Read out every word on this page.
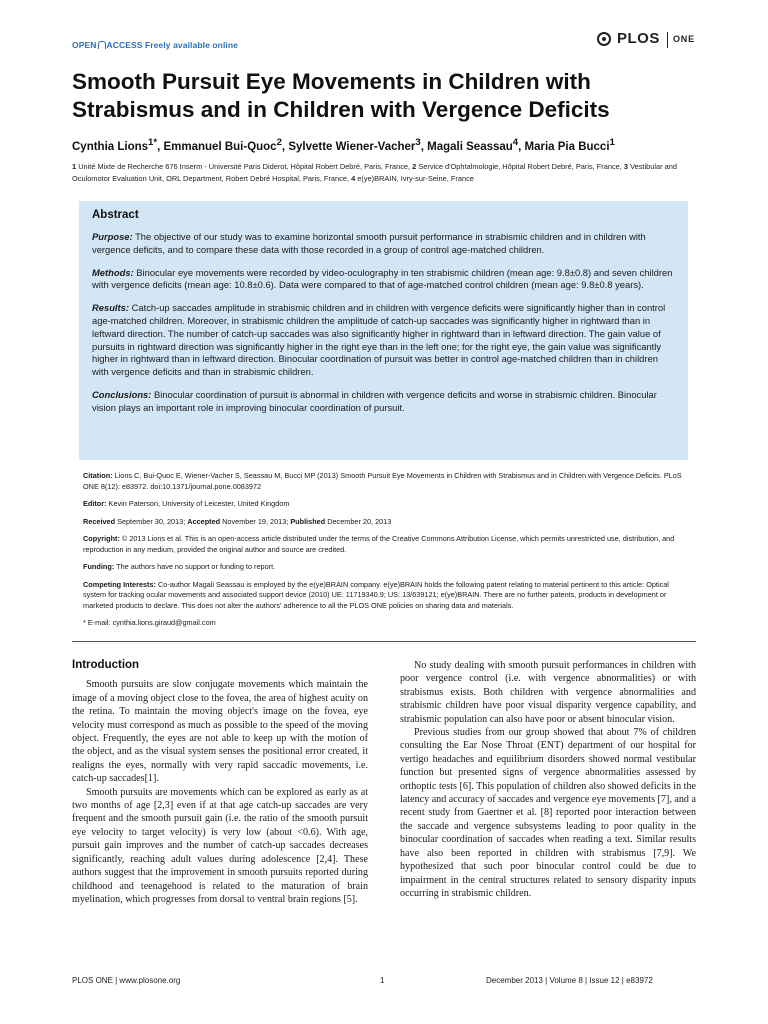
OPEN ACCESS Freely available online	PLOS ONE
Smooth Pursuit Eye Movements in Children with Strabismus and in Children with Vergence Deficits
Cynthia Lions$^{1*}$, Emmanuel Bui-Quoc$^2$, Sylvette Wiener-Vacher$^3$, Magali Seassau$^4$, Maria Pia Bucci$^1$
1 Unité Mixte de Recherche 676 Inserm - Université Paris Diderot, Hôpital Robert Debré, Paris, France, 2 Service d'Ophtalmologie, Hôpital Robert Debré, Paris, France, 3 Vestibular and Oculomotor Evaluation Unit, ORL Department, Robert Debré Hospital, Paris, France, 4 e(ye)BRAIN, Ivry-sur-Seine, France
Abstract

Purpose: The objective of our study was to examine horizontal smooth pursuit performance in strabismic children and in children with vergence deficits, and to compare these data with those recorded in a group of control age-matched children.

Methods: Binocular eye movements were recorded by video-oculography in ten strabismic children (mean age: 9.8±0.8) and seven children with vergence deficits (mean age: 10.8±0.6). Data were compared to that of age-matched control children (mean age: 9.8±0.8 years).

Results: Catch-up saccades amplitude in strabismic children and in children with vergence deficits were significantly higher than in control age-matched children. Moreover, in strabismic children the amplitude of catch-up saccades was significantly higher in rightward than in leftward direction. The number of catch-up saccades was also significantly higher in rightward than in leftward direction. The gain value of pursuits in rightward direction was significantly higher in the right eye than in the left one; for the right eye, the gain value was significantly higher in rightward than in leftward direction. Binocular coordination of pursuit was better in control age-matched children than in children with vergence deficits and than in strabismic children.

Conclusions: Binocular coordination of pursuit is abnormal in children with vergence deficits and worse in strabismic children. Binocular vision plays an important role in improving binocular coordination of pursuit.

Citation: Lions C, Bui-Quoc E, Wiener-Vacher S, Seassau M, Bucci MP (2013) Smooth Pursuit Eye Movements in Children with Strabismus and in Children with Vergence Deficits. PLoS ONE 8(12): e83972. doi:10.1371/journal.pone.0083972

Editor: Kevin Paterson, University of Leicester, United Kingdom

Received September 30, 2013; Accepted November 19, 2013; Published December 20, 2013

Copyright: © 2013 Lions et al. This is an open-access article distributed under the terms of the Creative Commons Attribution License, which permits unrestricted use, distribution, and reproduction in any medium, provided the original author and source are credited.

Funding: The authors have no support or funding to report.

Competing Interests: Co-author Magali Seassau is employed by the e(ye)BRAIN company. e(ye)BRAIN holds the following patent relating to material pertinent to this article: Optical system for tracking ocular movements and associated support device (2010) UE: 11719340.9; US: 13/639121; e(ye)BRAIN. There are no further patents, products in development or marketed products to declare. This does not alter the authors' adherence to all the PLOS ONE policies on sharing data and materials.

* E-mail: cynthia.lions.giraud@gmail.com

Introduction

Smooth pursuits are slow conjugate movements which maintain the image of a moving object close to the fovea, the area of highest acuity on the retina. To maintain the moving object's image on the fovea, eye velocity must correspond as much as possible to the speed of the moving object. Frequently, the eyes are not able to keep up with the motion of the object, and as the visual system senses the positional error created, it realigns the eyes, normally with very rapid saccadic movements, i.e. catch-up saccades[1].

Smooth pursuits are movements which can be explored as early as at two months of age [2,3] even if at that age catch-up saccades are very frequent and the smooth pursuit gain (i.e. the ratio of the smooth pursuit eye velocity to target velocity) is very low (about <0.6). With age, pursuit gain improves and the number of catch-up saccades decreases significantly, reaching adult values during adolescence [2,4]. These authors suggest that the improvement in smooth pursuits reported during childhood and teenagehood is related to the maturation of brain myelination, which progresses from dorsal to ventral brain regions [5].

No study dealing with smooth pursuit performances in children with poor vergence control (i.e. with vergence abnormalities) or with strabismus exists. Both children with vergence abnormalities and strabismic children have poor visual disparity vergence capability, and strabismic population can also have poor or absent binocular vision.

Previous studies from our group showed that about 7% of children consulting the Ear Nose Throat (ENT) department of our hospital for vertigo headaches and equilibrium disorders showed normal vestibular function but presented signs of vergence abnormalities assessed by orthoptic tests [6]. This population of children also showed deficits in the latency and accuracy of saccades and vergence eye movements [7], and a recent study from Gaertner et al. [8] reported poor interaction between the saccade and vergence subsystems leading to poor quality in the binocular coordination of saccades when reading a text. Similar results have also been reported in children with strabismus [7,9]. We hypothesized that such poor binocular control could be due to impairment in the central structures related to sensory disparity inputs occurring in strabismic children.

PLOS ONE | www.plosone.org	1	December 2013 | Volume 8 | Issue 12 | e83972
